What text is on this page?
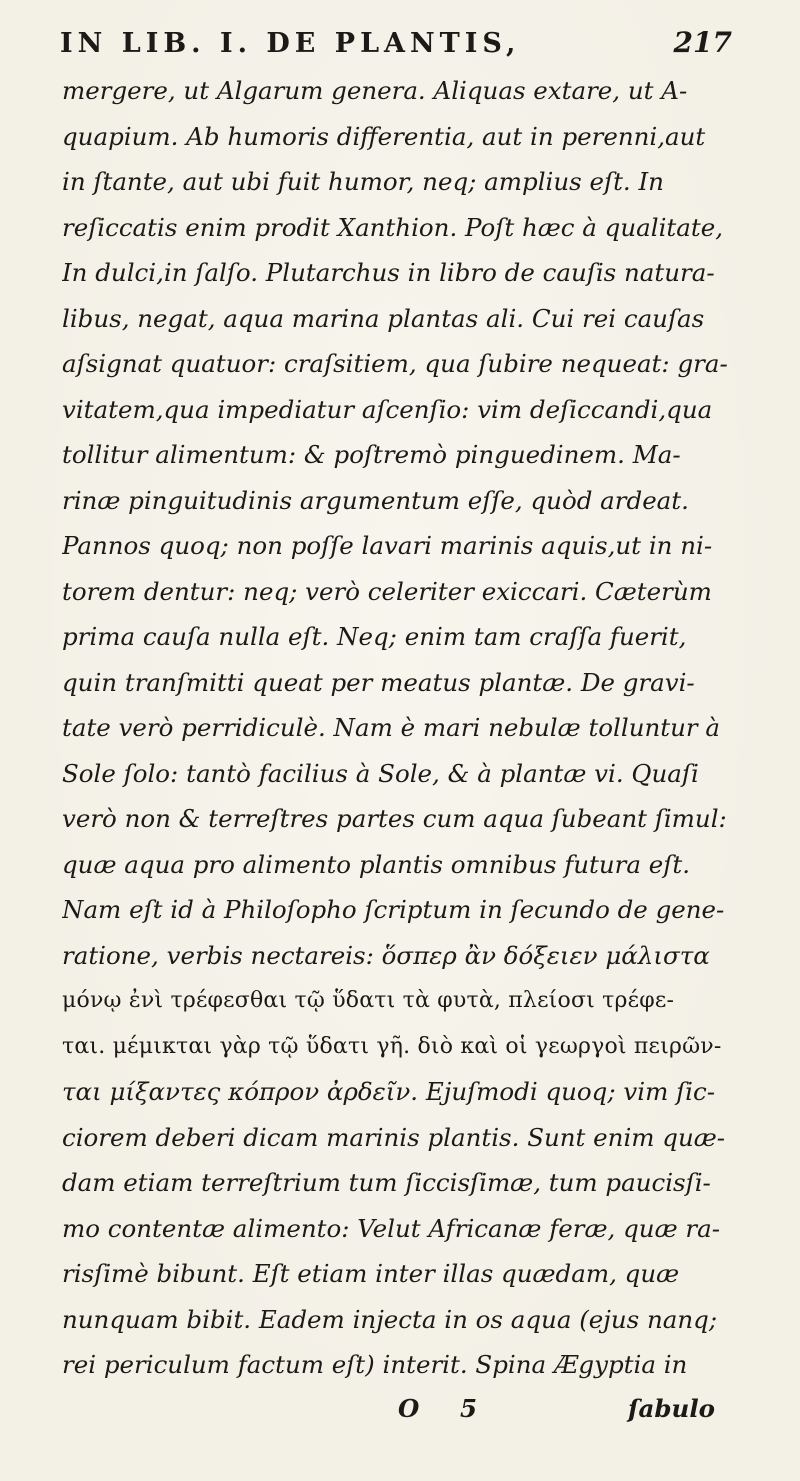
IN LIB. I. DE PLANTIS,	217
mergere, ut Algarum genera. Aliquas extare, ut A-
quapium. Ab humoris differentia, aut in perenni,aut
in ſtante, aut ubi fuit humor, neq; amplius eſt. In
reſiccatis enim prodit Xanthion. Poſt hæc à qualitate,
In dulci,in ſalſo. Plutarchus in libro de cauſis natura-
libus, negat, aqua marina plantas ali. Cui rei cauſas
aſsignat quatuor: craſsitiem, qua ſubire nequeat: gra-
vitatem,qua impediatur aſcenſio: vim deſiccandi,qua
tollitur alimentum: & poſtremò pinguedinem. Ma-
rinæ pinguitudinis argumentum eſſe, quòd ardeat.
Pannos quoq; non poſſe lavari marinis aquis,ut in ni-
torem dentur: neq; verò celeriter exiccari. Cæterùm
prima cauſa nulla eſt. Neq; enim tam craſſa fuerit,
quin tranſmitti queat per meatus plantæ. De gravi-
tate verò perridiculè. Nam è mari nebulæ tolluntur à
Sole ſolo: tantò facilius à Sole, & à plantæ vi. Quaſi
verò non & terreſtres partes cum aqua ſubeant ſimul:
quæ aqua pro alimento plantis omnibus futura eſt.
Nam eſt id à Philoſopho ſcriptum in ſecundo de gene-
ratione, verbis nectareis: ὅσπερ ἂν δόξειεν μάλιστα
μόνῳ ἐνὶ τρέφεσθαι τῷ ὕδατι τὰ φυτὰ, πλείοσι τρέφε-
ται. μέμικται γὰρ τῷ ὕδατι γῆ. διὸ καὶ οἱ γεωργοὶ πειρῶν-
ται μίξαντες κόπρον ἀρδεῖν. Ejuſmodi quoq; vim ſic-
ciorem deberi dicam marinis plantis. Sunt enim quæ-
dam etiam terreſtrium tum ſiccisſimæ, tum paucisſi-
mo contentæ alimento: Velut Africanæ feræ, quæ ra-
risſimè bibunt. Eſt etiam inter illas quædam, quæ
nunquam bibit. Eadem injecta in os aqua (ejus nanq;
rei periculum factum eſt) interit. Spina Ægyptia in
O 5	ſabulo
